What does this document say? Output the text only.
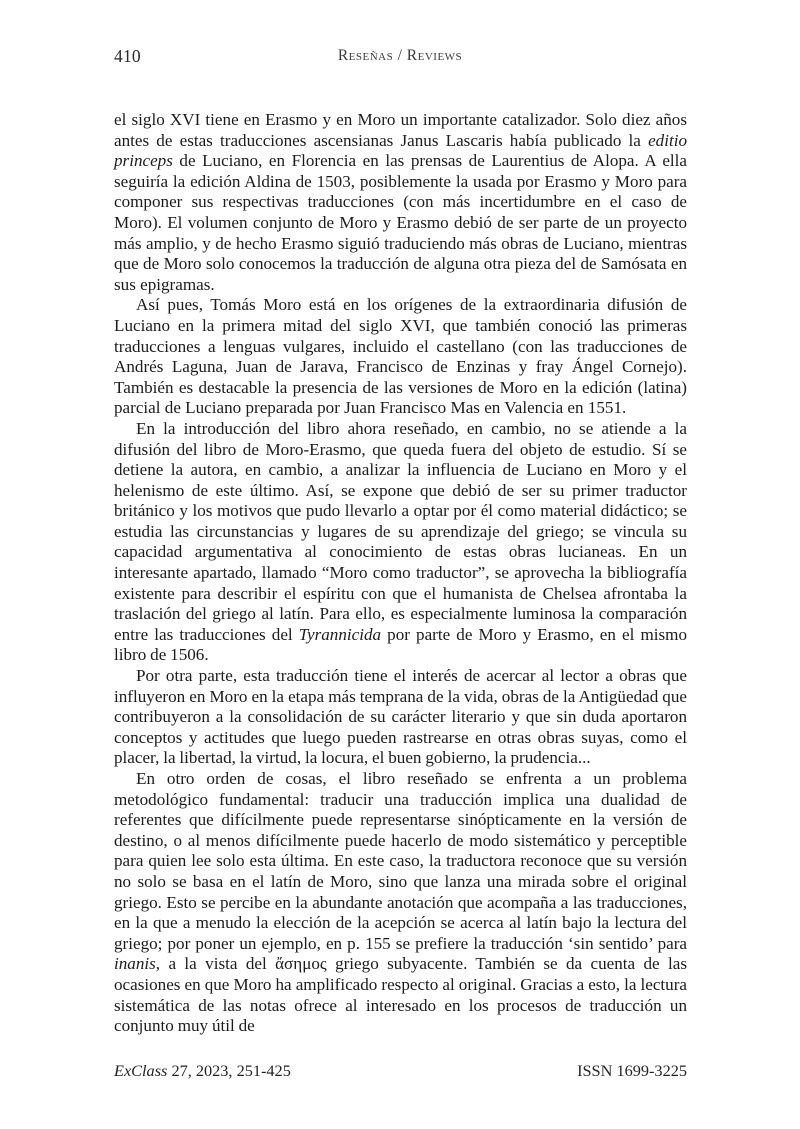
410	Reseñas / Reviews

el siglo XVI tiene en Erasmo y en Moro un importante catalizador. Solo diez años antes de estas traducciones ascensianas Janus Lascaris había publicado la editio princeps de Luciano, en Florencia en las prensas de Laurentius de Alopa. A ella seguiría la edición Aldina de 1503, posiblemente la usada por Erasmo y Moro para componer sus respectivas traducciones (con más incertidumbre en el caso de Moro). El volumen conjunto de Moro y Erasmo debió de ser parte de un proyecto más amplio, y de hecho Erasmo siguió traduciendo más obras de Luciano, mientras que de Moro solo conocemos la traducción de alguna otra pieza del de Samósata en sus epigramas.

Así pues, Tomás Moro está en los orígenes de la extraordinaria difusión de Luciano en la primera mitad del siglo XVI, que también conoció las primeras traducciones a lenguas vulgares, incluido el castellano (con las traducciones de Andrés Laguna, Juan de Jarava, Francisco de Enzinas y fray Ángel Cornejo). También es destacable la presencia de las versiones de Moro en la edición (latina) parcial de Luciano preparada por Juan Francisco Mas en Valencia en 1551.

En la introducción del libro ahora reseñado, en cambio, no se atiende a la difusión del libro de Moro-Erasmo, que queda fuera del objeto de estudio. Sí se detiene la autora, en cambio, a analizar la influencia de Luciano en Moro y el helenismo de este último. Así, se expone que debió de ser su primer traductor británico y los motivos que pudo llevarlo a optar por él como material didáctico; se estudia las circunstancias y lugares de su aprendizaje del griego; se vincula su capacidad argumentativa al conocimiento de estas obras lucianeas. En un interesante apartado, llamado “Moro como traductor”, se aprovecha la bibliografía existente para describir el espíritu con que el humanista de Chelsea afrontaba la traslación del griego al latín. Para ello, es especialmente luminosa la comparación entre las traducciones del Tyrannicida por parte de Moro y Erasmo, en el mismo libro de 1506.

Por otra parte, esta traducción tiene el interés de acercar al lector a obras que influyeron en Moro en la etapa más temprana de la vida, obras de la Antigüedad que contribuyeron a la consolidación de su carácter literario y que sin duda aportaron conceptos y actitudes que luego pueden rastrearse en otras obras suyas, como el placer, la libertad, la virtud, la locura, el buen gobierno, la prudencia...

En otro orden de cosas, el libro reseñado se enfrenta a un problema metodológico fundamental: traducir una traducción implica una dualidad de referentes que difícilmente puede representarse sinópticamente en la versión de destino, o al menos difícilmente puede hacerlo de modo sistemático y perceptible para quien lee solo esta última. En este caso, la traductora reconoce que su versión no solo se basa en el latín de Moro, sino que lanza una mirada sobre el original griego. Esto se percibe en la abundante anotación que acompaña a las traducciones, en la que a menudo la elección de la acepción se acerca al latín bajo la lectura del griego; por poner un ejemplo, en p. 155 se prefiere la traducción ‘sin sentido’ para inanis, a la vista del ἄσημος griego subyacente. También se da cuenta de las ocasiones en que Moro ha amplificado respecto al original. Gracias a esto, la lectura sistemática de las notas ofrece al interesado en los procesos de traducción un conjunto muy útil de

ExClass 27, 2023, 251-425	ISSN 1699-3225
